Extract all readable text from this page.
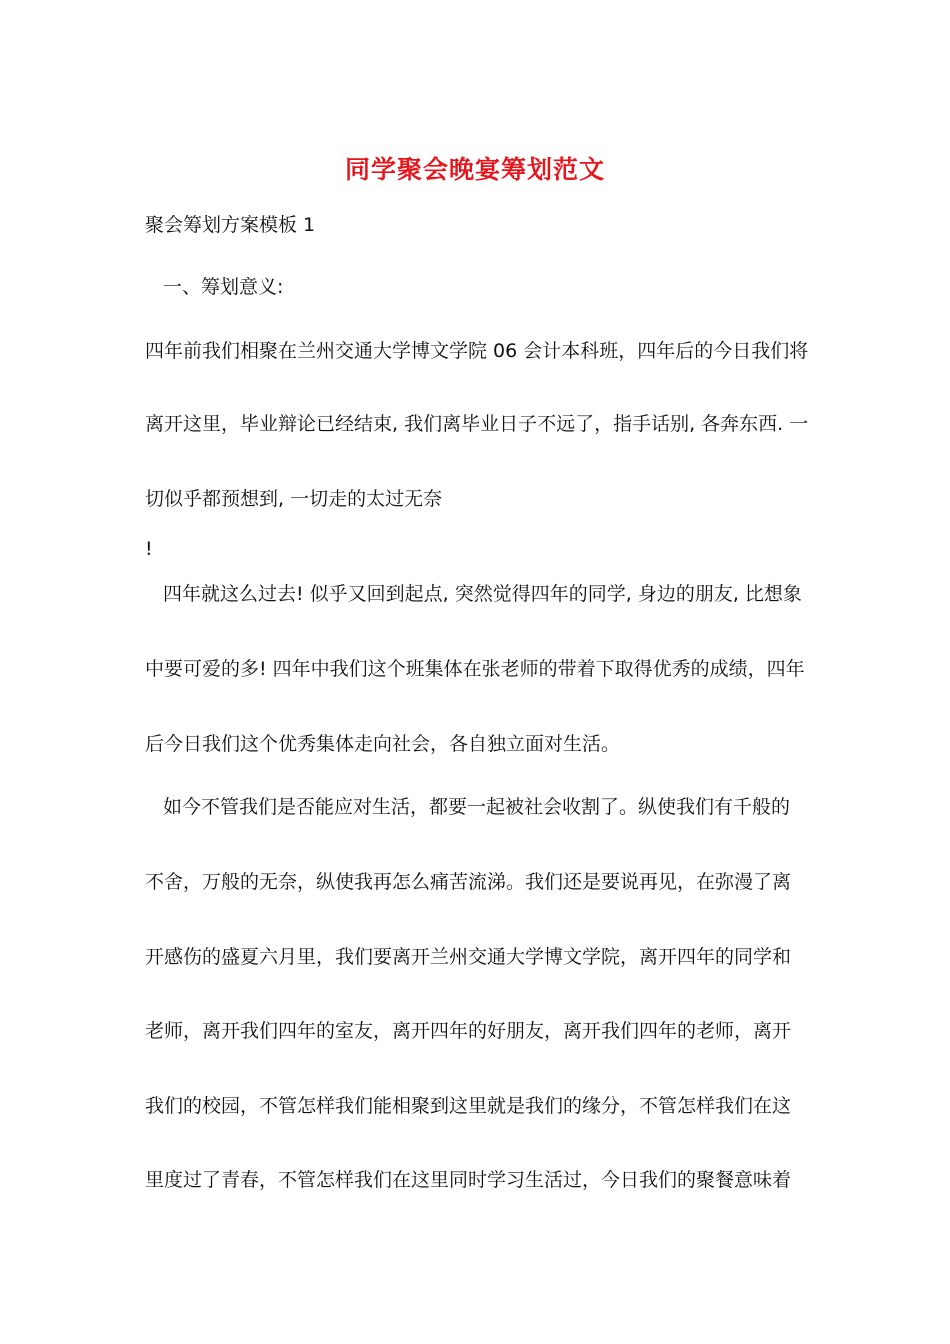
同学聚会晚宴筹划范文

聚会筹划方案模板 1

一、筹划意义:

四年前我们相聚在兰州交通大学博文学院 06 会计本科班，四年后的今日我们将

离开这里，毕业辩论已经结束, 我们离毕业日子不远了，指手话别, 各奔东西. 一

切似乎都预想到, 一切走的太过无奈

!

四年就这么过去! 似乎又回到起点, 突然觉得四年的同学, 身边的朋友, 比想象

中要可爱的多! 四年中我们这个班集体在张老师的带着下取得优秀的成绩，四年

后今日我们这个优秀集体走向社会，各自独立面对生活。

如今不管我们是否能应对生活，都要一起被社会收割了。纵使我们有千般的

不舍，万般的无奈，纵使我再怎么痛苦流涕。我们还是要说再见，在弥漫了离

开感伤的盛夏六月里，我们要离开兰州交通大学博文学院，离开四年的同学和

老师，离开我们四年的室友，离开四年的好朋友，离开我们四年的老师，离开

我们的校园，不管怎样我们能相聚到这里就是我们的缘分，不管怎样我们在这

里度过了青春，不管怎样我们在这里同时学习生活过，今日我们的聚餐意味着
